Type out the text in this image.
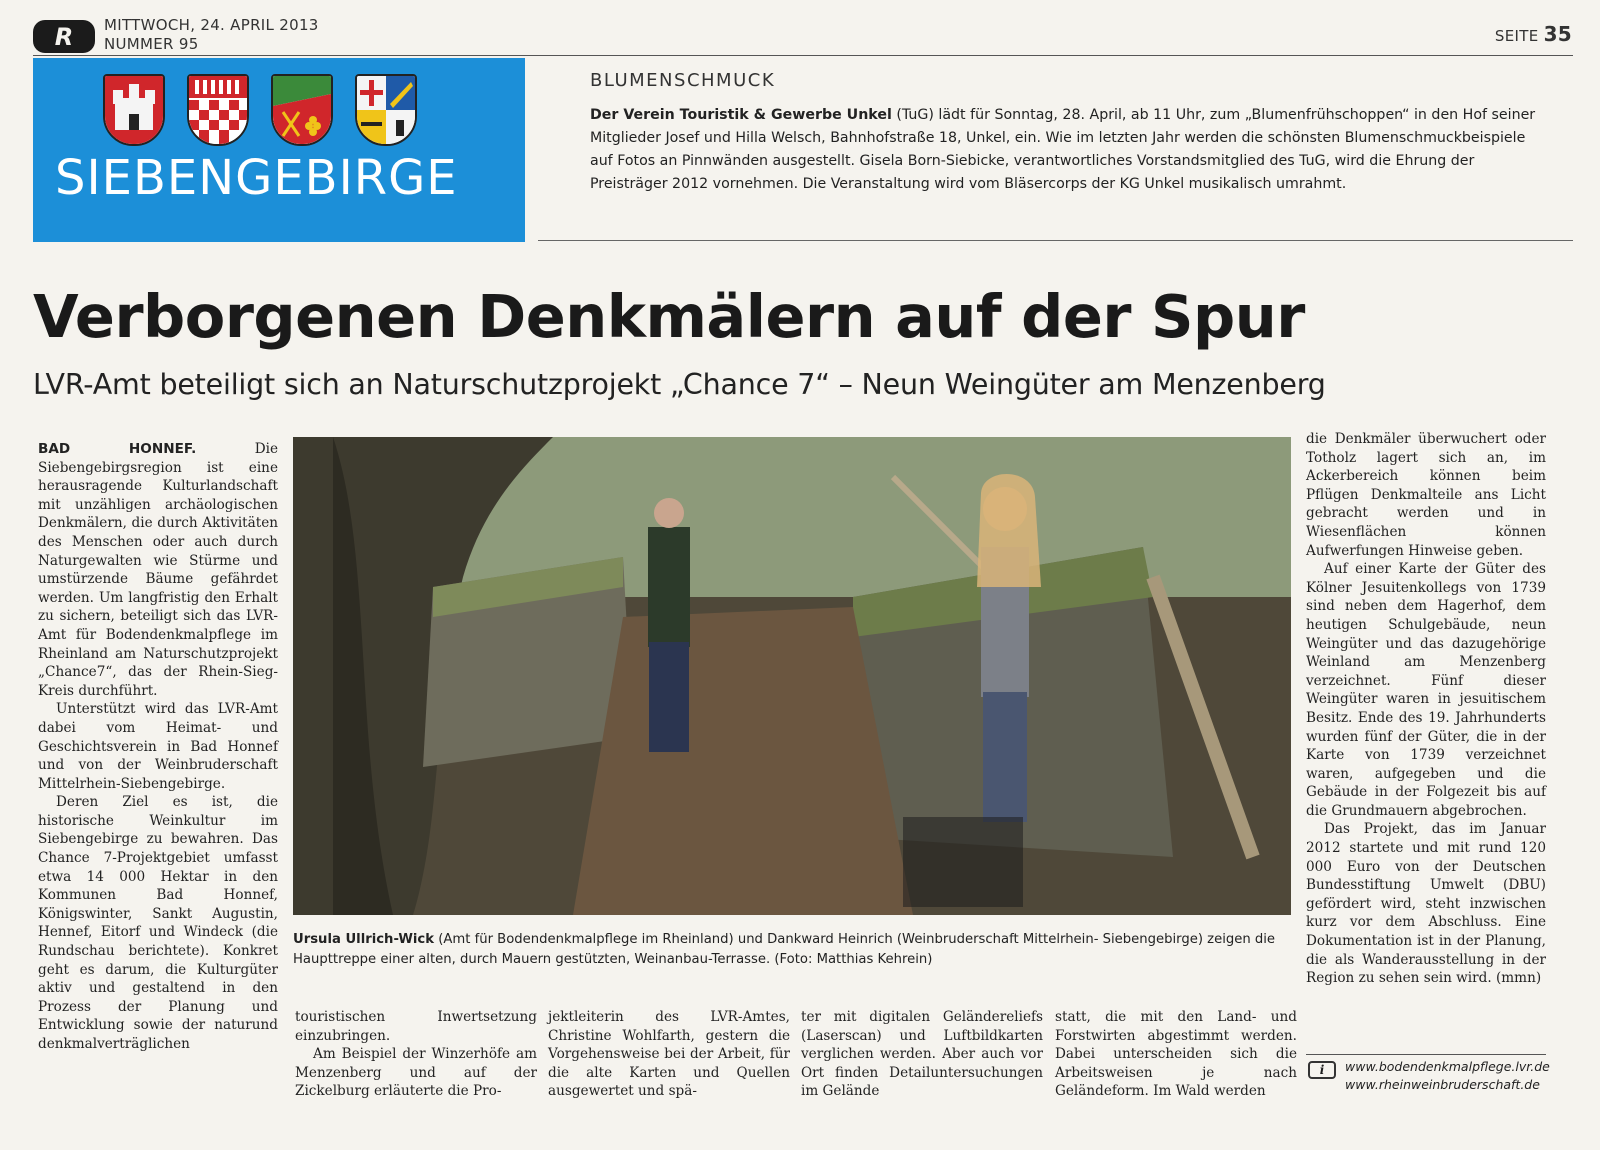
R MITTWOCH, 24. APRIL 2013
NUMMER 95	SEITE 35
SIEBENGEBIRGE
BLUMENSCHMUCK
Der Verein Touristik & Gewerbe Unkel (TuG) lädt für Sonntag, 28. April, ab 11 Uhr, zum „Blumenfrühschoppen“ in den Hof seiner Mitglieder Josef und Hilla Welsch, Bahnhofstraße 18, Unkel, ein. Wie im letzten Jahr werden die schönsten Blumenschmuckbeispiele auf Fotos an Pinnwänden ausgestellt. Gisela Born-Siebicke, verantwortliches Vorstandsmitglied des TuG, wird die Ehrung der Preisträger 2012 vornehmen. Die Veranstaltung wird vom Bläsercorps der KG Unkel musikalisch umrahmt.
Verborgenen Denkmälern auf der Spur
LVR-Amt beteiligt sich an Naturschutzprojekt „Chance 7“ – Neun Weingüter am Menzenberg

BAD HONNEF.	Die Siebengebirgsregion ist eine herausragende Kulturlandschaft mit unzähligen archäologischen Denkmälern, die durch Aktivitäten des Menschen oder auch durch Naturgewalten wie Stürme und umstürzende Bäume gefährdet werden. Um langfristig den Erhalt zu sichern, beteiligt sich das LVR-Amt für Bodendenkmalpflege im Rheinland am Naturschutzprojekt „Chance7“, das der Rhein-Sieg-Kreis durchführt.

Unterstützt wird das LVR-Amt dabei vom Heimat- und Geschichtsverein in Bad Honnef und von der Weinbruderschaft Mittelrhein-Siebengebirge.

Deren Ziel es ist, die historische Weinkultur im Siebengebirge zu bewahren. Das Chance 7-Projektgebiet umfasst etwa 14 000 Hektar in den Kommunen Bad Honnef, Königswinter, Sankt Augustin, Hennef, Eitorf und Windeck (die Rundschau berichtete). Konkret geht es darum, die Kulturgüter aktiv und gestaltend in den Prozess der Planung und Entwicklung sowie der naturund denkmalverträglichen

Ursula Ullrich-Wick (Amt für Bodendenkmalpflege im Rheinland) und Dankward Heinrich (Weinbruderschaft Mittelrhein- Siebengebirge) zeigen die Haupttreppe einer alten, durch Mauern gestützten, Weinanbau-Terrasse. (Foto: Matthias Kehrein)

touristischen Inwertsetzung einzubringen.

Am Beispiel der Winzerhöfe am Menzenberg und auf der Zickelburg erläuterte die Pro-

jektleiterin des LVR-Amtes, Christine Wohlfarth, gestern die Vorgehensweise bei der Arbeit, für die alte Karten und Quellen ausgewertet und spä-

ter mit digitalen Geländereliefs (Laserscan) und Luftbildkarten verglichen werden. Aber auch vor Ort finden Detailuntersuchungen im Gelände

statt, die mit den Land- und Forstwirten abgestimmt werden. Dabei unterscheiden sich die Arbeitsweisen je nach Geländeform. Im Wald werden

die Denkmäler überwuchert oder Totholz lagert sich an, im Ackerbereich können beim Pflügen Denkmalteile ans Licht gebracht werden und in Wiesenflächen können Aufwerfungen Hinweise geben.

Auf einer Karte der Güter des Kölner Jesuitenkollegs von 1739 sind neben dem Hagerhof, dem heutigen Schulgebäude, neun Weingüter und das dazugehörige Weinland am Menzenberg verzeichnet. Fünf dieser Weingüter waren in jesuitischem Besitz. Ende des 19. Jahrhunderts wurden fünf der Güter, die in der Karte von 1739 verzeichnet waren, aufgegeben und die Gebäude in der Folgezeit bis auf die Grundmauern abgebrochen.

Das Projekt, das im Januar 2012 startete und mit rund 120 000 Euro von der Deutschen Bundesstiftung Umwelt (DBU) gefördert wird, steht inzwischen kurz vor dem Abschluss. Eine Dokumentation ist in der Planung, die als Wanderausstellung in der Region zu sehen sein wird. (mmn)

i	www.bodendenkmalpflege.lvr.de
www.rheinweinbruderschaft.de
